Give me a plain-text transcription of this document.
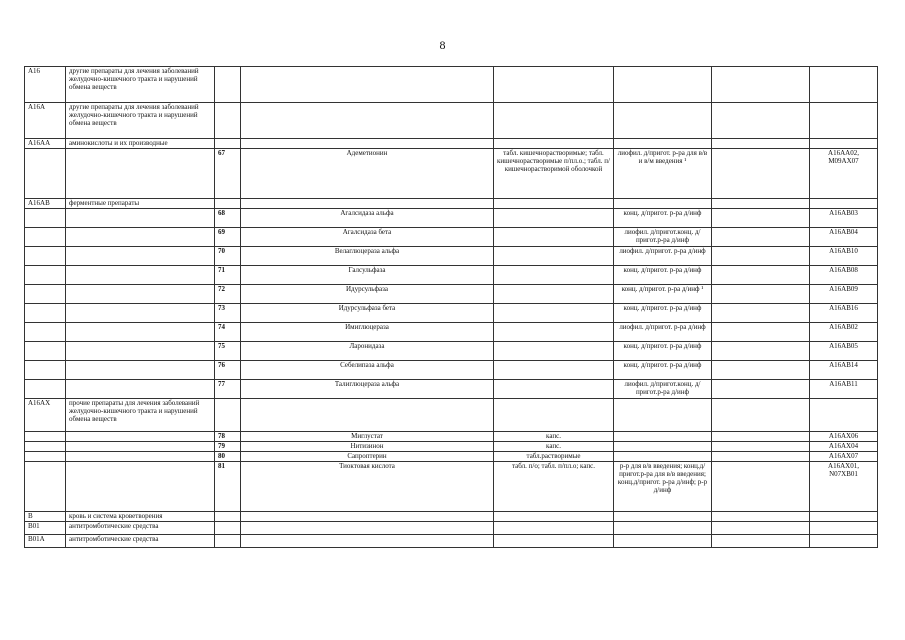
8
A16	другие препараты для лечения заболеваний желудочно-кишечного тракта и нарушений обмена веществ						
A16A	другие препараты для лечения заболеваний желудочно-кишечного тракта и нарушений обмена веществ						
A16AA	аминокислоты и их производные						
		67	Адеметионин	табл. кишечнорастворимые; табл. кишечнорастворимые п/пл.о.; табл. п/кишечнорастворимой оболочкой	лиофил. д/пригот. р-ра для в/в и в/м введения ¹		A16AA02, M09AX07
A16AB	ферментные препараты						
		68	Агалсидаза альфа		конц. д/пригот. р-ра д/инф		A16AB03
		69	Агалсидаза бета		лиофил. д/пригот.конц. д/пригот.р-ра д/инф		A16AB04
		70	Велаглюцераза альфа		лиофил. д/пригот. р-ра д/инф		A16AB10
		71	Галсульфаза		конц. д/пригот. р-ра д/инф		A16AB08
		72	Идурсульфаза		конц. д/пригот. р-ра д/инф ¹		A16AB09
		73	Идурсульфаза бета		конц. д/пригот. р-ра д/инф		A16AB16
		74	Имиглюцераза		лиофил. д/пригот. р-ра д/инф		A16AB02
		75	Ларонидаза		конц. д/пригот. р-ра д/инф		A16AB05
		76	Себелипаза альфа		конц. д/пригот. р-ра д/инф		A16AB14
		77	Талиглюцераза альфа		лиофил. д/пригот.конц. д/пригот.р-ра д/инф		A16AB11
A16AX	прочие препараты для лечения заболеваний желудочно-кишечного тракта и нарушений обмена веществ						
		78	Миглустат	капс.			A16AX06
		79	Нитизинон	капс.			A16AX04
		80	Сапроптерин	табл.растворимые			A16AX07
		81	Тиоктовая кислота	табл. п/о; табл. п/пл.о; капс.	р-р для в/в введения; конц.д/пригот.р-ра для в/в введения; конц.д/пригот. р-ра д/инф; р-р д/инф		A16AX01, N07XB01
B	кровь и система кроветворения						
B01	антитромботические средства						
B01A	антитромботические средства						
